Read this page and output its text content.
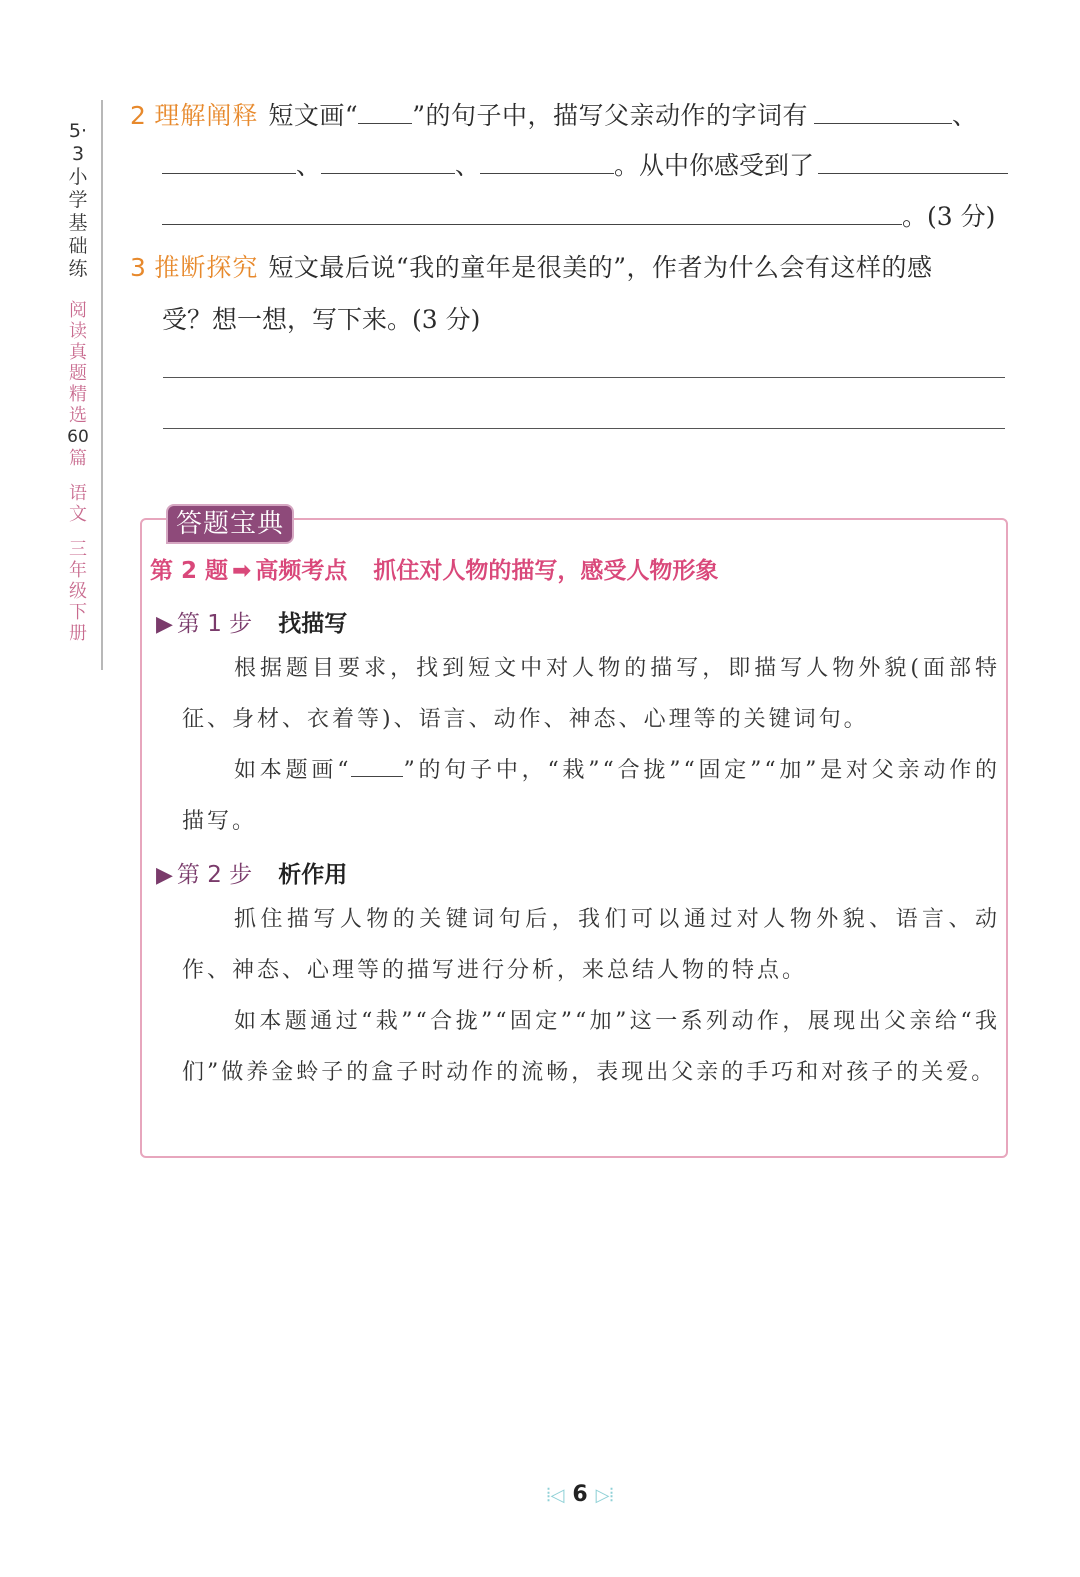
5·3小学基础练
阅读真题精选60篇
语文
三年级下册
2 理解阐释 短文画“ ”的句子中，描写父亲动作的字词有	、
、	、	。从中你感受到了
。(3 分)
3 推断探究 短文最后说“我的童年是很美的”，作者为什么会有这样的感
受？想一想，写下来。(3 分)
答题宝典
第 2 题 ➡ 高频考点 抓住对人物的描写，感受人物形象
▶ 第 1 步 找描写
根据题目要求，找到短文中对人物的描写，即描写人物外貌(面部特征、身材、衣着等)、语言、动作、神态、心理等的关键词句。
如本题画“ ”的句子中，“栽”“合拢”“固定”“加”是对父亲动作的描写。
▶ 第 2 步 析作用
抓住描写人物的关键词句后，我们可以通过对人物外貌、语言、动作、神态、心理等的描写进行分析，来总结人物的特点。
如本题通过“栽”“合拢”“固定”“加”这一系列动作，展现出父亲给“我们”做养金蛉子的盒子时动作的流畅，表现出父亲的手巧和对孩子的关爱。
⦙◁ 6 ▷⦙
